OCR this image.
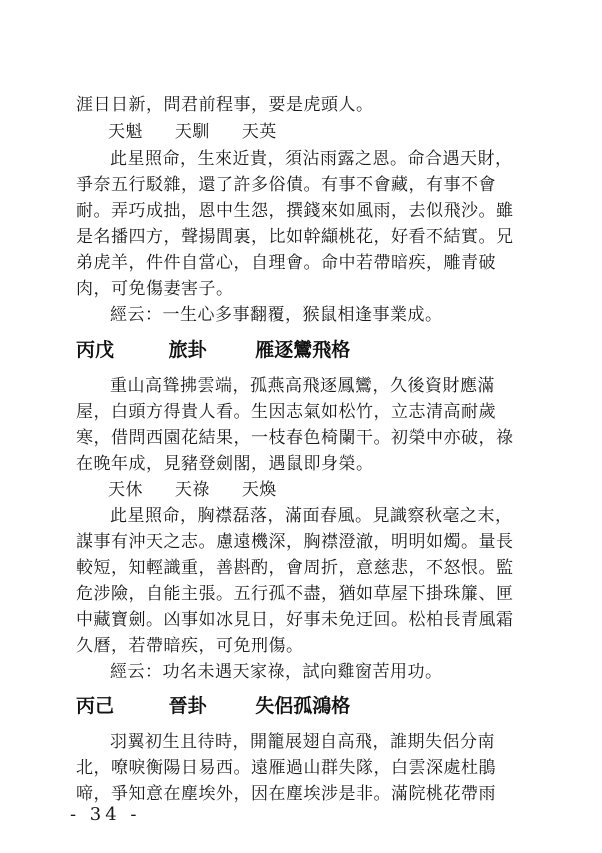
涯日日新，問君前程事，要是虎頭人。
天魁 天馴 天英
此星照命，生來近貴，須沾雨露之恩。命合遇天財，
爭奈五行駁雜，還了許多俗債。有事不會藏，有事不會
耐。弄巧成拙，恩中生怨，撰錢來如風雨，去似飛沙。雖
是名播四方，聲揚閭裏，比如幹纈桃花，好看不結實。兄
弟虎羊，件件自當心，自理會。命中若帶暗疾，雕青破
肉，可免傷妻害子。
經云：一生心多事翻覆，猴鼠相逢事業成。
丙戊	旅卦	雁逐鸞飛格
重山高聳拂雲端，孤燕高飛逐鳳鸞，久後資財應滿
屋，白頭方得貴人看。生因志氣如松竹，立志清高耐歲
寒，借問西園花結果，一枝春色椅闌干。初榮中亦破，祿
在晚年成，見豬登劍閣，遇鼠即身榮。
天休 天祿 天煥
此星照命，胸襟磊落，滿面春風。見識察秋毫之末，
謀事有沖天之志。慮遠機深，胸襟澄澈，明明如燭。量長
較短，知輕識重，善斟酌，會周折，意慈悲，不怒恨。監
危涉險，自能主張。五行孤不盡，猶如草屋下掛珠簾、匣
中藏寶劍。凶事如冰見日，好事未免迂回。松柏長青風霜
久曆，若帶暗疾，可免刑傷。
經云：功名未遇天家祿，試向雞窗苦用功。
丙己	晉卦	失侶孤鴻格
羽翼初生且待時，開籠展翅自高飛，誰期失侶分南
北，嘹唳衡陽日易西。遠雁過山群失隊，白雲深處杜鵑
啼，爭知意在塵埃外，因在塵埃涉是非。滿院桃花帶雨
- 34 -
